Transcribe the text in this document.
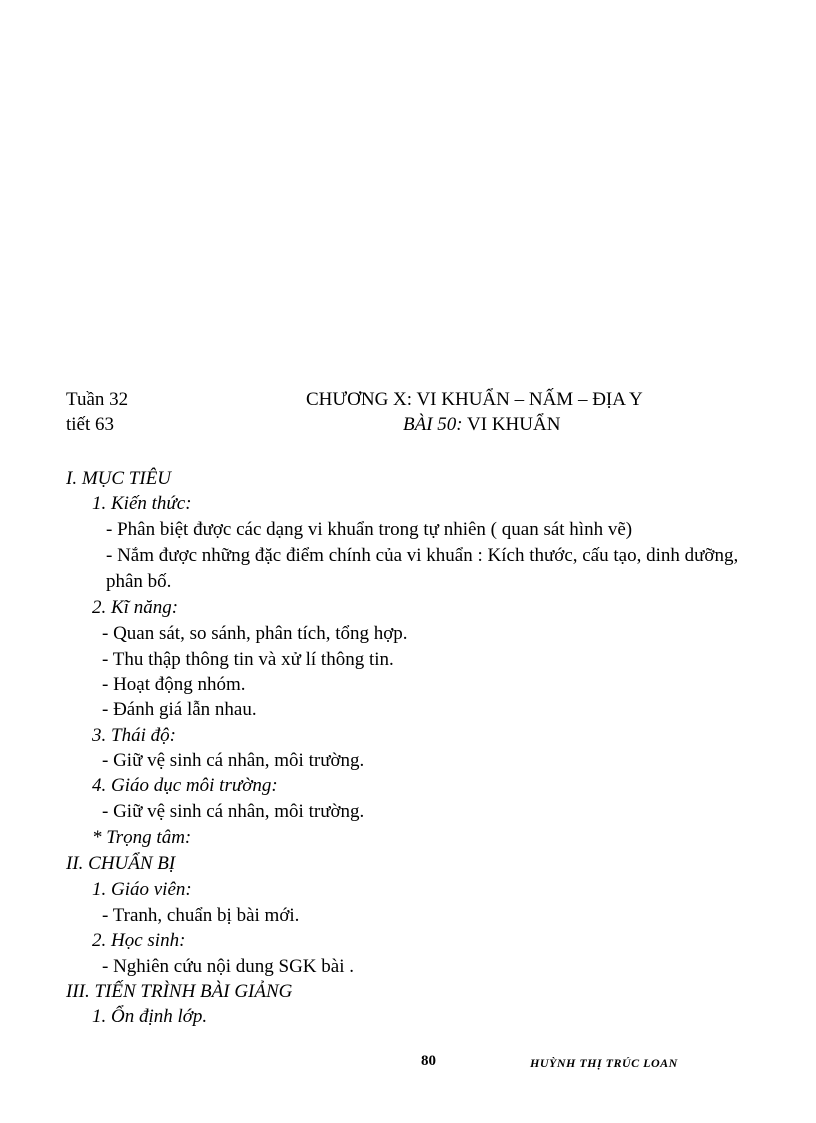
Tuần 32
tiết 63
CHƯƠNG X: VI KHUẨN – NẤM – ĐỊA Y
BÀI 50: VI KHUẨN
I. MỤC TIÊU
1. Kiến thức:
- Phân biệt được các dạng vi khuẩn trong tự nhiên ( quan sát hình vẽ)
- Nắm được những đặc điểm chính của vi khuẩn : Kích thước, cấu tạo, dinh dưỡng,
phân bố.
2. Kĩ năng:
- Quan sát, so sánh, phân tích, tổng hợp.
- Thu thập thông tin và xử lí thông tin.
- Hoạt động nhóm.
- Đánh giá lẫn nhau.
3. Thái độ:
- Giữ vệ sinh cá nhân, môi trường.
4. Giáo dục môi trường:
- Giữ vệ sinh cá nhân, môi trường.
* Trọng tâm:
II. CHUẨN BỊ
1. Giáo viên:
- Tranh, chuẩn bị bài mới.
2. Học sinh:
- Nghiên cứu nội dung SGK bài .
III. TIẾN TRÌNH BÀI GIẢNG
1. Ổn định lớp.
80	HUỲNH THỊ TRÚC LOAN
